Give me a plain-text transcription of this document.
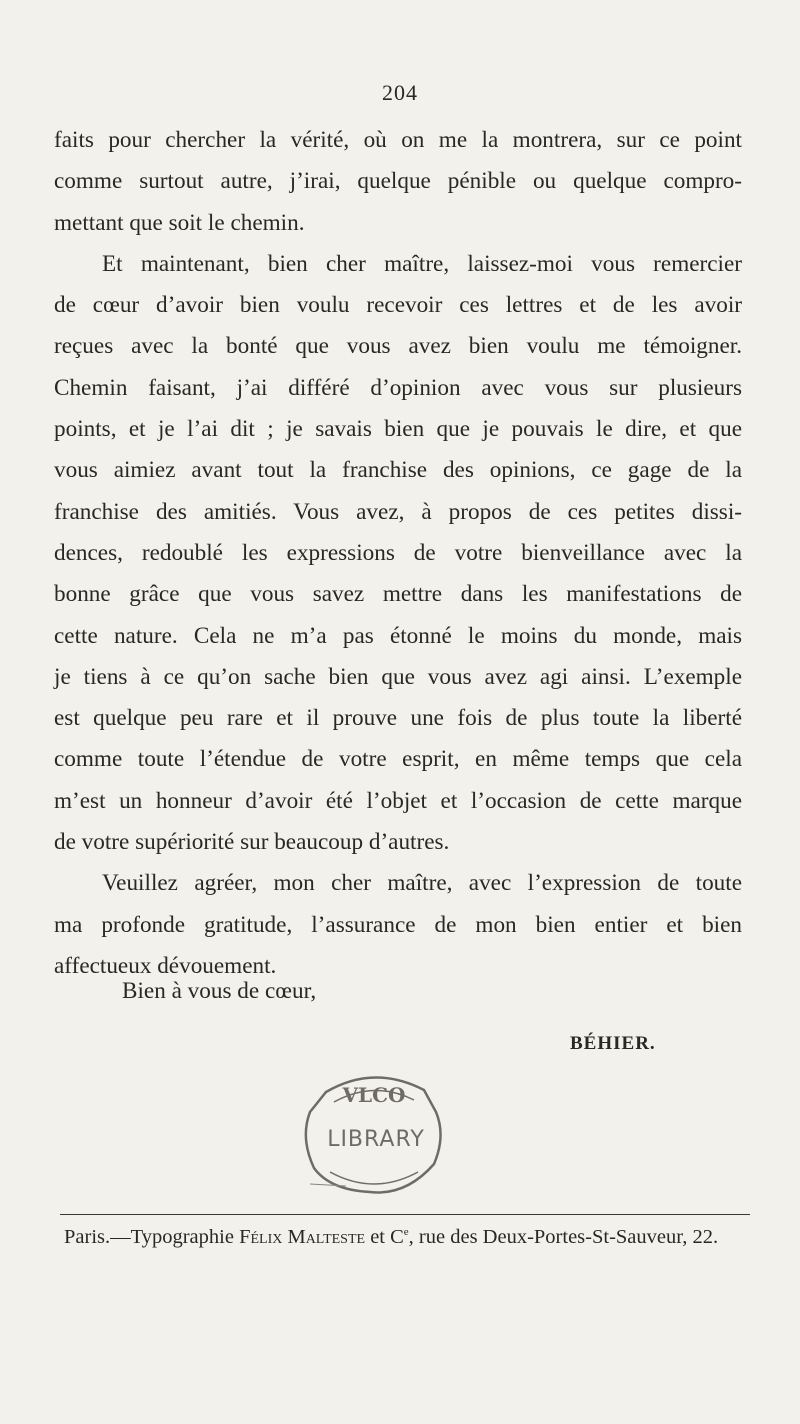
204
faits pour chercher la vérité, où on me la montrera, sur ce point
comme surtout autre, j’irai, quelque pénible ou quelque compro-
mettant que soit le chemin.
Et maintenant, bien cher maître, laissez-moi vous remercier
de cœur d’avoir bien voulu recevoir ces lettres et de les avoir
reçues avec la bonté que vous avez bien voulu me témoigner.
Chemin faisant, j’ai différé d’opinion avec vous sur plusieurs
points, et je l’ai dit ; je savais bien que je pouvais le dire, et que
vous aimiez avant tout la franchise des opinions, ce gage de la
franchise des amitiés. Vous avez, à propos de ces petites dissi-
dences, redoublé les expressions de votre bienveillance avec la
bonne grâce que vous savez mettre dans les manifestations de
cette nature. Cela ne m’a pas étonné le moins du monde, mais
je tiens à ce qu’on sache bien que vous avez agi ainsi. L’exemple
est quelque peu rare et il prouve une fois de plus toute la liberté
comme toute l’étendue de votre esprit, en même temps que cela
m’est un honneur d’avoir été l’objet et l’occasion de cette marque
de votre supériorité sur beaucoup d’autres.
Veuillez agréer, mon cher maître, avec l’expression de toute
ma profonde gratitude, l’assurance de mon bien entier et bien
affectueux dévouement.
Bien à vous de cœur,
BÉHIER.
VLCO
LIBRARY
Paris.—Typographie Félix Malteste et Ce, rue des Deux-Portes-St-Sauveur, 22.
